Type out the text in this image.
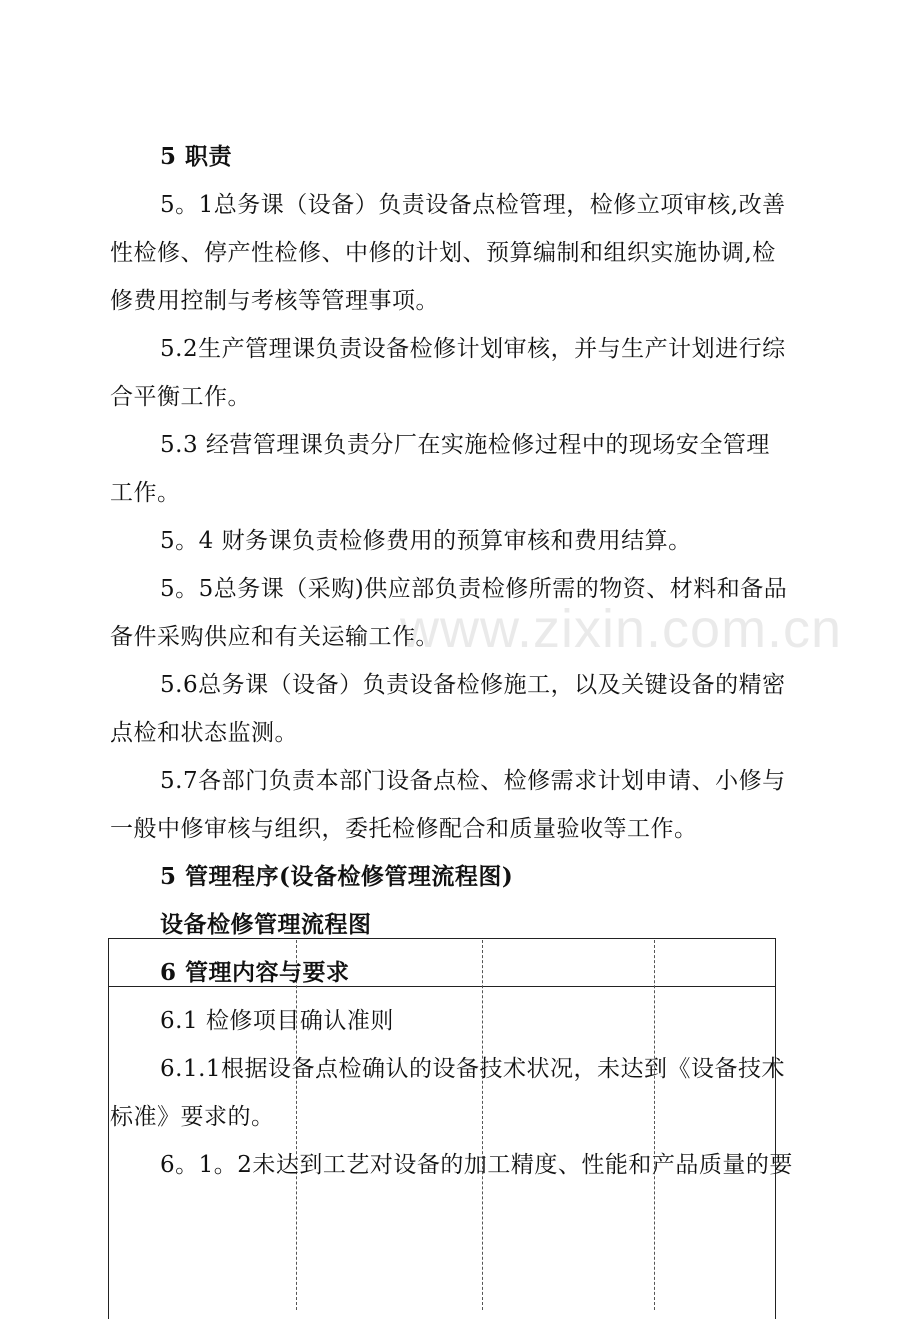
www.zixin.com.cn
5 职责
5。1总务课（设备）负责设备点检管理，检修立项审核,改善
性检修、停产性检修、中修的计划、预算编制和组织实施协调,检
修费用控制与考核等管理事项。
5.2生产管理课负责设备检修计划审核，并与生产计划进行综
合平衡工作。
5.3 经营管理课负责分厂在实施检修过程中的现场安全管理
工作。
5。4 财务课负责检修费用的预算审核和费用结算。
5。5总务课（采购)供应部负责检修所需的物资、材料和备品
备件采购供应和有关运输工作。
5.6总务课（设备）负责设备检修施工，以及关键设备的精密
点检和状态监测。
5.7各部门负责本部门设备点检、检修需求计划申请、小修与
一般中修审核与组织，委托检修配合和质量验收等工作。
5 管理程序(设备检修管理流程图)
设备检修管理流程图
6 管理内容与要求
6.1 检修项目确认准则
6.1.1根据设备点检确认的设备技术状况，未达到《设备技术
标准》要求的。
6。1。2未达到工艺对设备的加工精度、性能和产品质量的要
